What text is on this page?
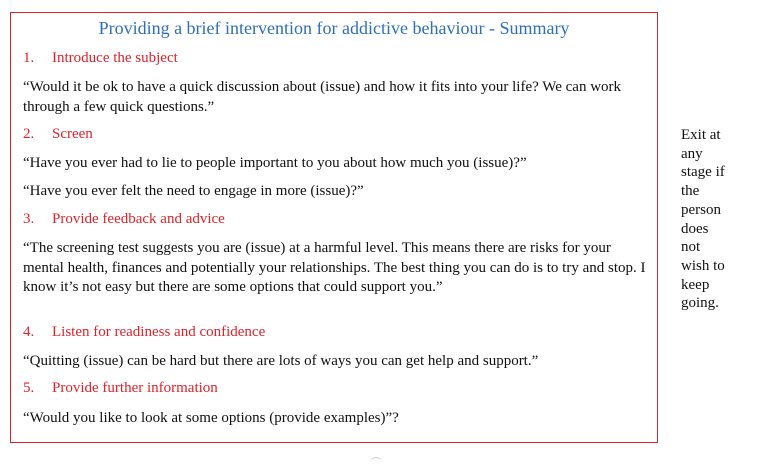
Providing a brief intervention for addictive behaviour - Summary
1. Introduce the subject
“Would it be ok to have a quick discussion about (issue) and how it fits into your life? We can work through a few quick questions.”
2. Screen
“Have you ever had to lie to people important to you about how much you (issue)?”
“Have you ever felt the need to engage in more (issue)?”
3. Provide feedback and advice
“The screening test suggests you are (issue) at a harmful level. This means there are risks for your mental health, finances and potentially your relationships. The best thing you can do is to try and stop. I know it’s not easy but there are some options that could support you.”
4. Listen for readiness and confidence
“Quitting (issue) can be hard but there are lots of ways you can get help and support.”
5. Provide further information
“Would you like to look at some options (provide examples)”?
Exit at
any
stage if
the
person
does
not
wish to
keep
going.
